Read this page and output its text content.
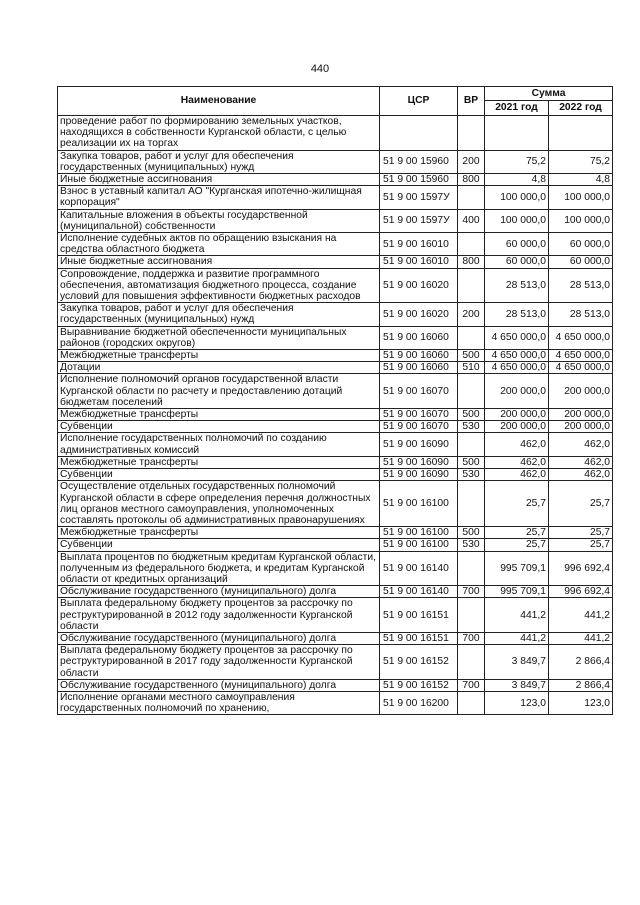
440
Наименование	ЦСР	ВР	Сумма	
			2021 год	2022 год
проведение работ по формированию земельных участков, находящихся в собственности Курганской области, с целью реализации их на торгах				
Закупка товаров, работ и услуг для обеспечения государственных (муниципальных) нужд	51 9 00 15960	200	75,2	75,2
Иные бюджетные ассигнования	51 9 00 15960	800	4,8	4,8
Взнос в уставный капитал АО "Курганская ипотечно-жилищная корпорация"	51 9 00 1597У		100 000,0	100 000,0
Капитальные вложения в объекты государственной (муниципальной) собственности	51 9 00 1597У	400	100 000,0	100 000,0
Исполнение судебных актов по обращению взыскания на средства областного бюджета	51 9 00 16010		60 000,0	60 000,0
Иные бюджетные ассигнования	51 9 00 16010	800	60 000,0	60 000,0
Сопровождение, поддержка и развитие программного обеспечения, автоматизация бюджетного процесса, создание условий для повышения эффективности бюджетных расходов	51 9 00 16020		28 513,0	28 513,0
Закупка товаров, работ и услуг для обеспечения государственных (муниципальных) нужд	51 9 00 16020	200	28 513,0	28 513,0
Выравнивание бюджетной обеспеченности муниципальных районов (городских округов)	51 9 00 16060		4 650 000,0	4 650 000,0
Межбюджетные трансферты	51 9 00 16060	500	4 650 000,0	4 650 000,0
Дотации	51 9 00 16060	510	4 650 000,0	4 650 000,0
Исполнение полномочий органов государственной власти Курганской области по расчету и предоставлению дотаций бюджетам поселений	51 9 00 16070		200 000,0	200 000,0
Межбюджетные трансферты	51 9 00 16070	500	200 000,0	200 000,0
Субвенции	51 9 00 16070	530	200 000,0	200 000,0
Исполнение государственных полномочий по созданию административных комиссий	51 9 00 16090		462,0	462,0
Межбюджетные трансферты	51 9 00 16090	500	462,0	462,0
Субвенции	51 9 00 16090	530	462,0	462,0
Осуществление отдельных государственных полномочий Курганской области в сфере определения перечня должностных лиц органов местного самоуправления, уполномоченных составлять протоколы об административных правонарушениях	51 9 00 16100		25,7	25,7
Межбюджетные трансферты	51 9 00 16100	500	25,7	25,7
Субвенции	51 9 00 16100	530	25,7	25,7
Выплата процентов по бюджетным кредитам Курганской области, полученным из федерального бюджета, и кредитам Курганской области от кредитных организаций	51 9 00 16140		995 709,1	996 692,4
Обслуживание государственного (муниципального) долга	51 9 00 16140	700	995 709,1	996 692,4
Выплата федеральному бюджету процентов за рассрочку по реструктурированной в 2012 году задолженности Курганской области	51 9 00 16151		441,2	441,2
Обслуживание государственного (муниципального) долга	51 9 00 16151	700	441,2	441,2
Выплата федеральному бюджету процентов за рассрочку по реструктурированной в 2017 году задолженности Курганской области	51 9 00 16152		3 849,7	2 866,4
Обслуживание государственного (муниципального) долга	51 9 00 16152	700	3 849,7	2 866,4
Исполнение органами местного самоуправления государственных полномочий по хранению,	51 9 00 16200		123,0	123,0
